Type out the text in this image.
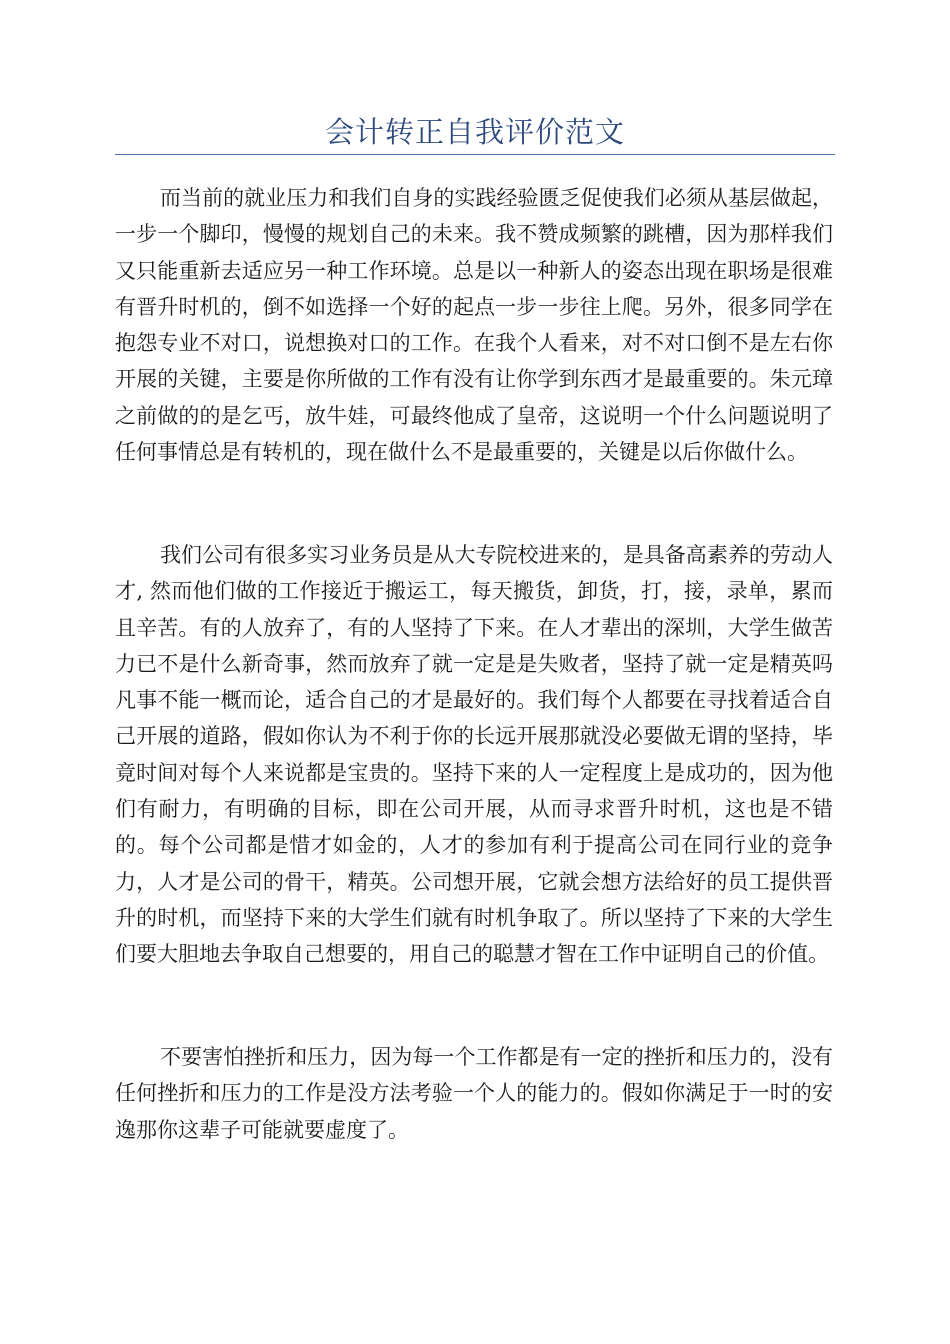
会计转正自我评价范文

而当前的就业压力和我们自身的实践经验匮乏促使我们必须从基层做起，一步一个脚印，慢慢的规划自己的未来。我不赞成频繁的跳槽，因为那样我们又只能重新去适应另一种工作环境。总是以一种新人的姿态出现在职场是很难有晋升时机的，倒不如选择一个好的起点一步一步往上爬。另外，很多同学在抱怨专业不对口，说想换对口的工作。在我个人看来，对不对口倒不是左右你开展的关键，主要是你所做的工作有没有让你学到东西才是最重要的。朱元璋之前做的的是乞丐，放牛娃，可最终他成了皇帝，这说明一个什么问题说明了任何事情总是有转机的，现在做什么不是最重要的，关键是以后你做什么。

我们公司有很多实习业务员是从大专院校进来的，是具备高素养的劳动人才, 然而他们做的工作接近于搬运工，每天搬货，卸货，打，接，录单，累而且辛苦。有的人放弃了，有的人坚持了下来。在人才辈出的深圳，大学生做苦力已不是什么新奇事，然而放弃了就一定是是失败者，坚持了就一定是精英吗凡事不能一概而论，适合自己的才是最好的。我们每个人都要在寻找着适合自己开展的道路，假如你认为不利于你的长远开展那就没必要做无谓的坚持，毕竟时间对每个人来说都是宝贵的。坚持下来的人一定程度上是成功的，因为他们有耐力，有明确的目标，即在公司开展，从而寻求晋升时机，这也是不错的。每个公司都是惜才如金的，人才的参加有利于提高公司在同行业的竞争力，人才是公司的骨干，精英。公司想开展，它就会想方法给好的员工提供晋升的时机，而坚持下来的大学生们就有时机争取了。所以坚持了下来的大学生们要大胆地去争取自己想要的，用自己的聪慧才智在工作中证明自己的价值。

不要害怕挫折和压力，因为每一个工作都是有一定的挫折和压力的，没有任何挫折和压力的工作是没方法考验一个人的能力的。假如你满足于一时的安逸那你这辈子可能就要虚度了。
